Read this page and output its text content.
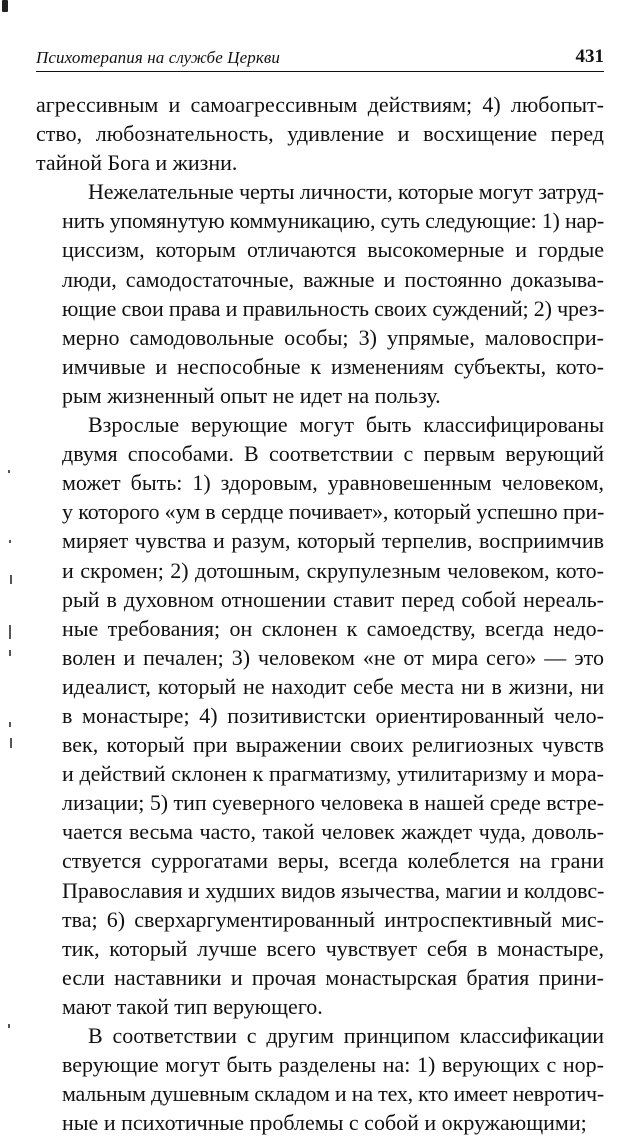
Психотерапия на службе Церкви	431

агрессивным и самоагрессивным действиям; 4) любопыт-
ство, любознательность, удивление и восхищение перед
тайной Бога и жизни.

Нежелательные черты личности, которые могут затруд-
нить упомянутую коммуникацию, суть следующие: 1) нар-
циссизм, которым отличаются высокомерные и гордые
люди, самодостаточные, важные и постоянно доказыва-
ющие свои права и правильность своих суждений; 2) чрез-
мерно самодовольные особы; 3) упрямые, маловоспри-
имчивые и неспособные к изменениям субъекты, кото-
рым жизненный опыт не идет на пользу.

Взрослые верующие могут быть классифицированы
двумя способами. В соответствии с первым верующий
может быть: 1) здоровым, уравновешенным человеком,
у которого «ум в сердце почивает», который успешно при-
миряет чувства и разум, который терпелив, восприимчив
и скромен; 2) дотошным, скрупулезным человеком, кото-
рый в духовном отношении ставит перед собой нереаль-
ные требования; он склонен к самоедству, всегда недо-
волен и печален; 3) человеком «не от мира сего» — это
идеалист, который не находит себе места ни в жизни, ни
в монастыре; 4) позитивистски ориентированный чело-
век, который при выражении своих религиозных чувств
и действий склонен к прагматизму, утилитаризму и мора-
лизации; 5) тип суеверного человека в нашей среде встре-
чается весьма часто, такой человек жаждет чуда, доволь-
ствуется суррогатами веры, всегда колеблется на грани
Православия и худших видов язычества, магии и колдовс-
тва; 6) сверхаргументированный интроспективный мис-
тик, который лучше всего чувствует себя в монастыре,
если наставники и прочая монастырская братия прини-
мают такой тип верующего.

В соответствии с другим принципом классификации
верующие могут быть разделены на: 1) верующих с нор-
мальным душевным складом и на тех, кто имеет невротич-
ные и психотичные проблемы с собой и окружающими;
